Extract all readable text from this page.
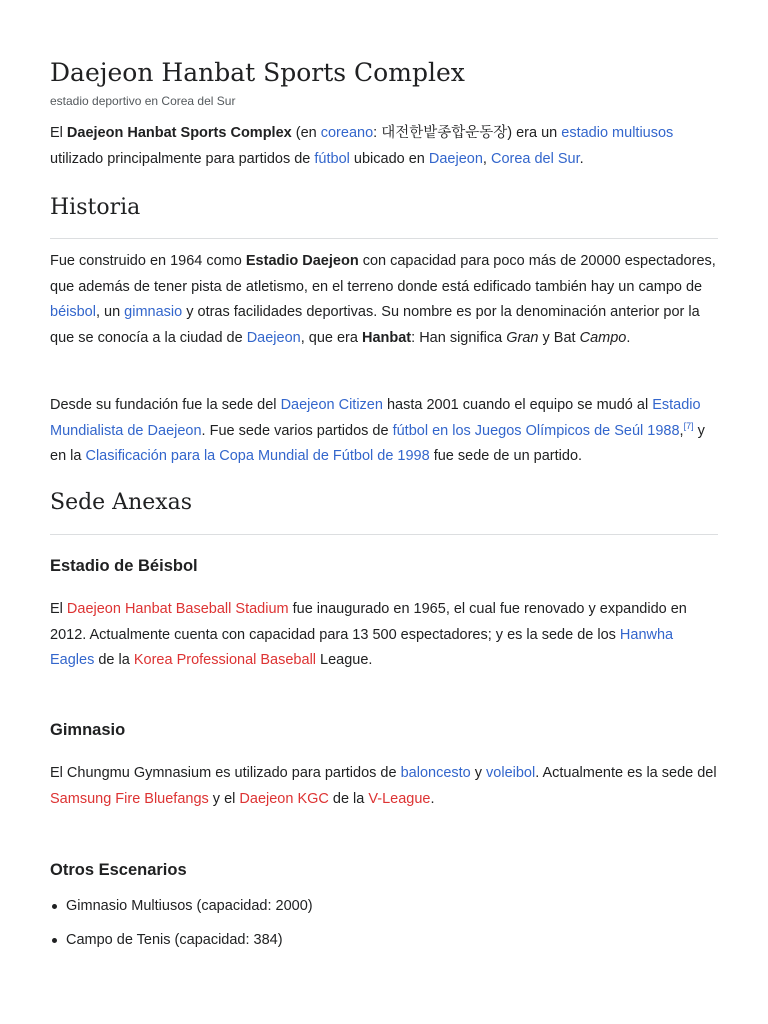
Daejeon Hanbat Sports Complex
estadio deportivo en Corea del Sur

El Daejeon Hanbat Sports Complex (en coreano: 대전한밭종합운동장) era un estadio multiusos utilizado principalmente para partidos de fútbol ubicado en Daejeon, Corea del Sur.

Historia

Fue construido en 1964 como Estadio Daejeon con capacidad para poco más de 20000 espectadores, que además de tener pista de atletismo, en el terreno donde está edificado también hay un campo de béisbol, un gimnasio y otras facilidades deportivas. Su nombre es por la denominación anterior por la que se conocía a la ciudad de Daejeon, que era Hanbat: Han significa Gran y Bat Campo.

Desde su fundación fue la sede del Daejeon Citizen hasta 2001 cuando el equipo se mudó al Estadio Mundialista de Daejeon. Fue sede varios partidos de fútbol en los Juegos Olímpicos de Seúl 1988,[7] y en la Clasificación para la Copa Mundial de Fútbol de 1998 fue sede de un partido.

Sede Anexas
Estadio de Béisbol

El Daejeon Hanbat Baseball Stadium fue inaugurado en 1965, el cual fue renovado y expandido en 2012. Actualmente cuenta con capacidad para 13 500 espectadores; y es la sede de los Hanwha Eagles de la Korea Professional Baseball League.

Gimnasio

El Chungmu Gymnasium es utilizado para partidos de baloncesto y voleibol. Actualmente es la sede del Samsung Fire Bluefangs y el Daejeon KGC de la V-League.

Otros Escenarios
Gimnasio Multiusos (capacidad: 2000)
Campo de Tenis (capacidad: 384)
